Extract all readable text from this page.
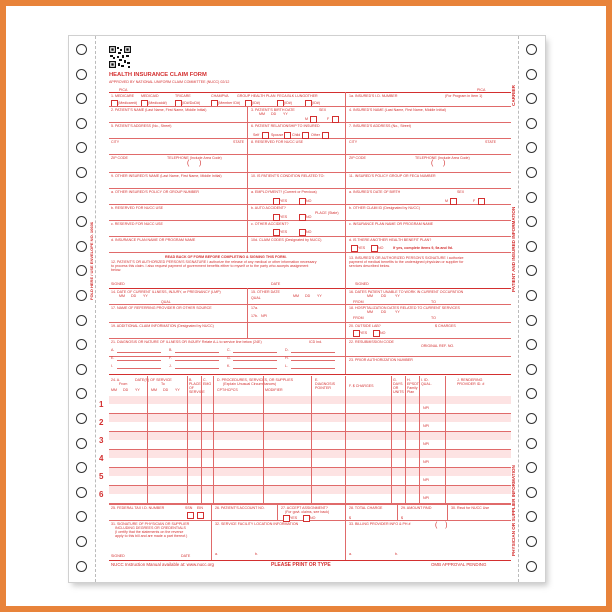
HEALTH INSURANCE CLAIM FORM
APPROVED BY NATIONAL UNIFORM CLAIM COMMITTEE (NUCC) 02/12
PICA	PICA
1. MEDICARE MEDICAID	TRICARE	CHAMPVA GROUP HEALTH PLAN FECA BLK LUNG OTHER
(Medicare#)	(Medicaid#)	(ID#/DoD#)	(Member ID#)	(ID#)	(ID#)	(ID#)
1a. INSURED'S I.D. NUMBER	(For Program in Item 1)
2. PATIENT'S NAME (Last Name, First Name, Middle Initial)	3. PATIENT'S BIRTH DATE	SEX
MM DD YY
M	F
4. INSURED'S NAME (Last Name, First Name, Middle Initial)
5. PATIENT'S ADDRESS (No., Street)	6. PATIENT RELATIONSHIP TO INSURED
Self	Spouse Child	Other
7. INSURED'S ADDRESS (No., Street)
CITY	STATE 8. RESERVED FOR NUCC USE	CITY	STATE
ZIP CODE	TELEPHONE (Include Area Code)
(     )
ZIP CODE	TELEPHONE (Include Area Code)
(     )
9. OTHER INSURED'S NAME (Last Name, First Name, Middle Initial)	10. IS PATIENT'S CONDITION RELATED TO:	11. INSURED'S POLICY GROUP OR FECA NUMBER
a. OTHER INSURED'S POLICY OR GROUP NUMBER	a. EMPLOYMENT? (Current or Previous)
YES	NO
a. INSURED'S DATE OF BIRTH	SEX
M	F
b. RESERVED FOR NUCC USE	b. AUTO ACCIDENT?
PLACE (State)
YES	NO
b. OTHER CLAIM ID (Designated by NUCC)
c. RESERVED FOR NUCC USE	c. OTHER ACCIDENT?
YES	NO
c. INSURANCE PLAN NAME OR PROGRAM NAME
d. INSURANCE PLAN NAME OR PROGRAM NAME	10d. CLAIM CODES (Designated by NUCC)	d. IS THERE ANOTHER HEALTH BENEFIT PLAN?
YES	NO	If yes, complete items 9, 9a and 9d.
READ BACK OF FORM BEFORE COMPLETING & SIGNING THIS FORM.
12. PATIENT'S OR AUTHORIZED PERSON'S SIGNATURE I authorize the release of any medical or other information necessary
to process this claim. I also request payment of government benefits either to myself or to the party who accepts assignment
below.
13. INSURED'S OR AUTHORIZED PERSON'S SIGNATURE I authorize
payment of medical benefits to the undersigned physician or supplier for
services described below.
SIGNED	DATE	SIGNED
14. DATE OF CURRENT ILLNESS, INJURY, or PREGNANCY (LMP)
MM DD YY
QUAL
15. OTHER DATE
QUAL	MM DD YY
16. DATES PATIENT UNABLE TO WORK IN CURRENT OCCUPATION
FROM	TO
MM DD YY
17. NAME OF REFERRING PROVIDER OR OTHER SOURCE	17a.
17b. NPI
18. HOSPITALIZATION DATES RELATED TO CURRENT SERVICES
FROM	TO
MM DD YY
19. ADDITIONAL CLAIM INFORMATION (Designated by NUCC)	20. OUTSIDE LAB?	$ CHARGES
YES	NO
21. DIAGNOSIS OR NATURE OF ILLNESS OR INJURY Relate A-L to service line below (24E)	ICD Ind.	22. RESUBMISSION CODE
ORIGINAL REF. NO.
23. PRIOR AUTHORIZATION NUMBER
A.	B.	C.	D.
E.	F.	G.	H.
I.	J.	K.	L.
24. A.	DATE(S) OF SERVICE
From	To
MM DD YY	MM DD YY
B. PLACE OF SERVICE
C. EMG
D. PROCEDURES, SERVICES, OR SUPPLIES
(Explain Unusual Circumstances)
CPT/HCPCS	MODIFIER
E. DIAGNOSIS POINTER	F. $ CHARGES
G. DAYS OR UNITS
H. EPSDT Family Plan
I. ID. QUAL.
J. RENDERING PROVIDER ID. #
1	NPI
2	NPI
3	NPI
4	NPI
5	NPI
6	NPI
25. FEDERAL TAX I.D. NUMBER	SSN EIN	26. PATIENT'S ACCOUNT NO.	27. ACCEPT ASSIGNMENT?
(For govt. claims, see back)
YES	NO
28. TOTAL CHARGE
$
29. AMOUNT PAID
$
30. Rsvd for NUCC Use
31. SIGNATURE OF PHYSICIAN OR SUPPLIER
INCLUDING DEGREES OR CREDENTIALS
(I certify that the statements on the reverse
apply to this bill and are made a part thereof.)
32. SERVICE FACILITY LOCATION INFORMATION	33. BILLING PROVIDER INFO & PH #	(    )
a.	b.	a.	b.
SIGNED	DATE
NUCC Instruction Manual available at: www.nucc.org	PLEASE PRINT OR TYPE	OMB APPROVAL PENDING
CARRIER
PATIENT AND INSURED INFORMATION
PHYSICIAN OR SUPPLIER INFORMATION
FOLD HERE / USE ENVELOPE NO. 10606
